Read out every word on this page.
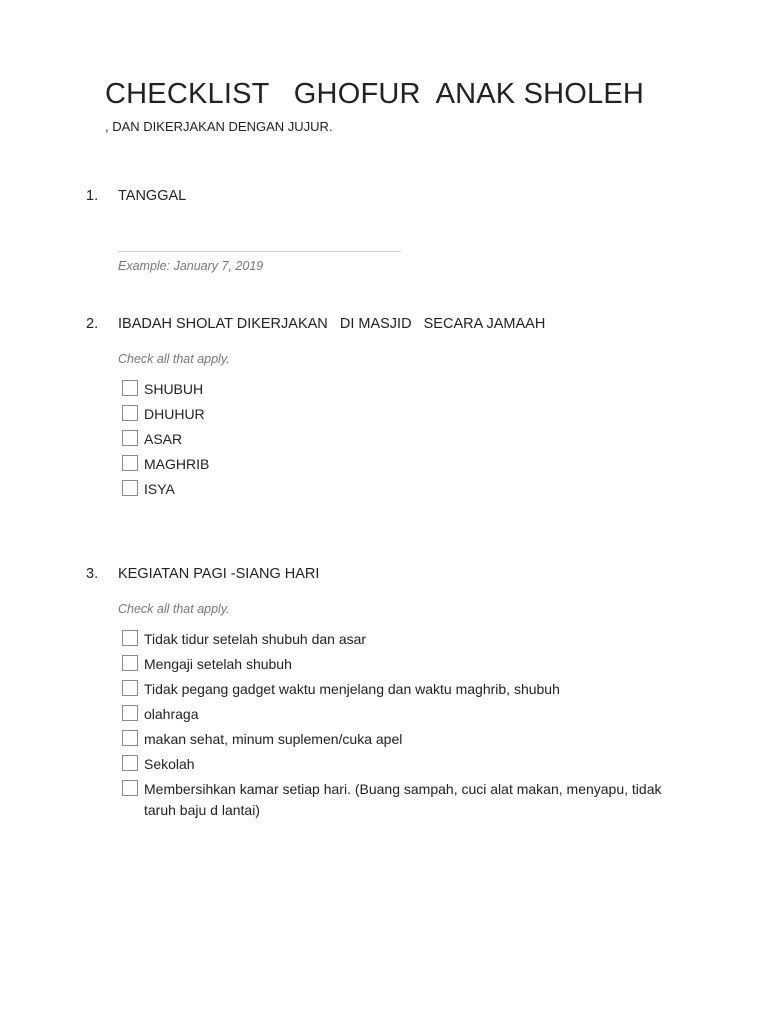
CHECKLIST   GHOFUR  ANAK SHOLEH
, DAN DIKERJAKAN DENGAN JUJUR.
1.	TANGGAL
Example: January 7, 2019
2.	IBADAH SHOLAT DIKERJAKAN   DI MASJID   SECARA JAMAAH
Check all that apply.
SHUBUH
DHUHUR
ASAR
MAGHRIB
ISYA
3.	KEGIATAN PAGI -SIANG HARI
Check all that apply.
Tidak tidur setelah shubuh dan asar
Mengaji setelah shubuh
Tidak pegang gadget waktu menjelang dan waktu maghrib, shubuh
olahraga
makan sehat, minum suplemen/cuka apel
Sekolah
Membersihkan kamar setiap hari. (Buang sampah, cuci alat makan, menyapu, tidak taruh baju d lantai)
